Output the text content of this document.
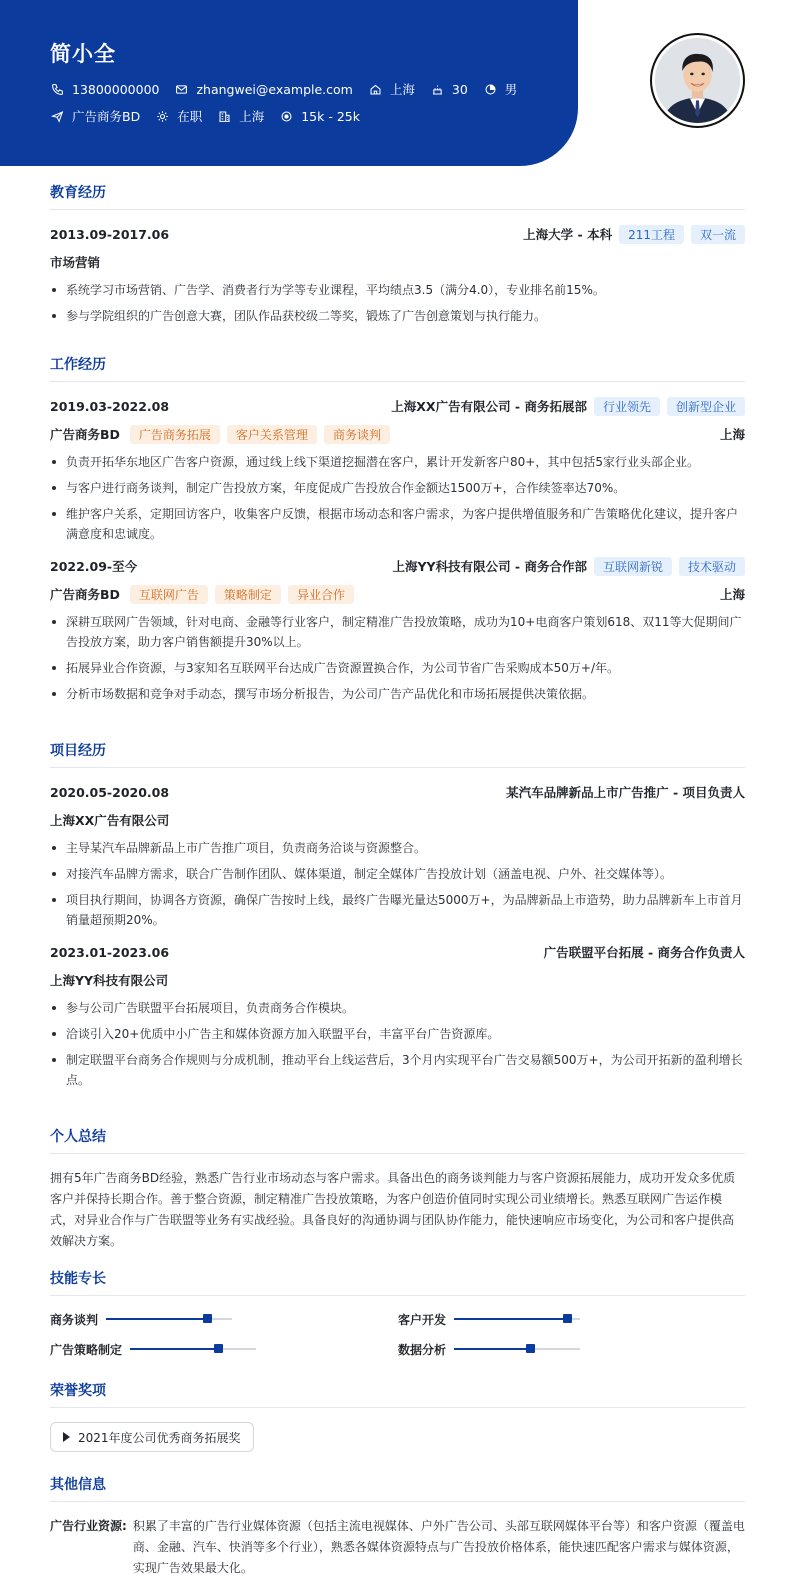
简小全
13800000000	zhangwei@example.com	上海	30	男
广告商务BD	在职	上海	15k - 25k
教育经历
2013.09-2017.06	上海大学 - 本科	211工程	双一流
市场营销
系统学习市场营销、广告学、消费者行为学等专业课程，平均绩点3.5（满分4.0），专业排名前15%。
参与学院组织的广告创意大赛，团队作品获校级二等奖，锻炼了广告创意策划与执行能力。
工作经历
2019.03-2022.08	上海XX广告有限公司 - 商务拓展部	行业领先	创新型企业
广告商务BD	广告商务拓展	客户关系管理	商务谈判	上海
负责开拓华东地区广告客户资源，通过线上线下渠道挖掘潜在客户，累计开发新客户80+，其中包括5家行业头部企业。
与客户进行商务谈判，制定广告投放方案，年度促成广告投放合作金额达1500万+，合作续签率达70%。
维护客户关系，定期回访客户，收集客户反馈，根据市场动态和客户需求，为客户提供增值服务和广告策略优化建议，提升客户满意度和忠诚度。
2022.09-至今	上海YY科技有限公司 - 商务合作部	互联网新锐	技术驱动
广告商务BD	互联网广告	策略制定	异业合作	上海
深耕互联网广告领域，针对电商、金融等行业客户，制定精准广告投放策略，成功为10+电商客户策划618、双11等大促期间广告投放方案，助力客户销售额提升30%以上。
拓展异业合作资源，与3家知名互联网平台达成广告资源置换合作，为公司节省广告采购成本50万+/年。
分析市场数据和竞争对手动态，撰写市场分析报告，为公司广告产品优化和市场拓展提供决策依据。
项目经历
2020.05-2020.08	某汽车品牌新品上市广告推广 - 项目负责人
上海XX广告有限公司
主导某汽车品牌新品上市广告推广项目，负责商务洽谈与资源整合。
对接汽车品牌方需求，联合广告制作团队、媒体渠道，制定全媒体广告投放计划（涵盖电视、户外、社交媒体等）。
项目执行期间，协调各方资源，确保广告按时上线，最终广告曝光量达5000万+，为品牌新品上市造势，助力品牌新车上市首月销量超预期20%。
2023.01-2023.06	广告联盟平台拓展 - 商务合作负责人
上海YY科技有限公司
参与公司广告联盟平台拓展项目，负责商务合作模块。
洽谈引入20+优质中小广告主和媒体资源方加入联盟平台，丰富平台广告资源库。
制定联盟平台商务合作规则与分成机制，推动平台上线运营后，3个月内实现平台广告交易额500万+，为公司开拓新的盈利增长点。
个人总结
拥有5年广告商务BD经验，熟悉广告行业市场动态与客户需求。具备出色的商务谈判能力与客户资源拓展能力，成功开发众多优质客户并保持长期合作。善于整合资源，制定精准广告投放策略，为客户创造价值同时实现公司业绩增长。熟悉互联网广告运作模式，对异业合作与广告联盟等业务有实战经验。具备良好的沟通协调与团队协作能力，能快速响应市场变化，为公司和客户提供高效解决方案。
技能专长
商务谈判	客户开发
广告策略制定	数据分析
荣誉奖项
2021年度公司优秀商务拓展奖
其他信息
广告行业资源: 积累了丰富的广告行业媒体资源（包括主流电视媒体、户外广告公司、头部互联网媒体平台等）和客户资源（覆盖电商、金融、汽车、快消等多个行业），熟悉各媒体资源特点与广告投放价格体系，能快速匹配客户需求与媒体资源，实现广告效果最大化。
